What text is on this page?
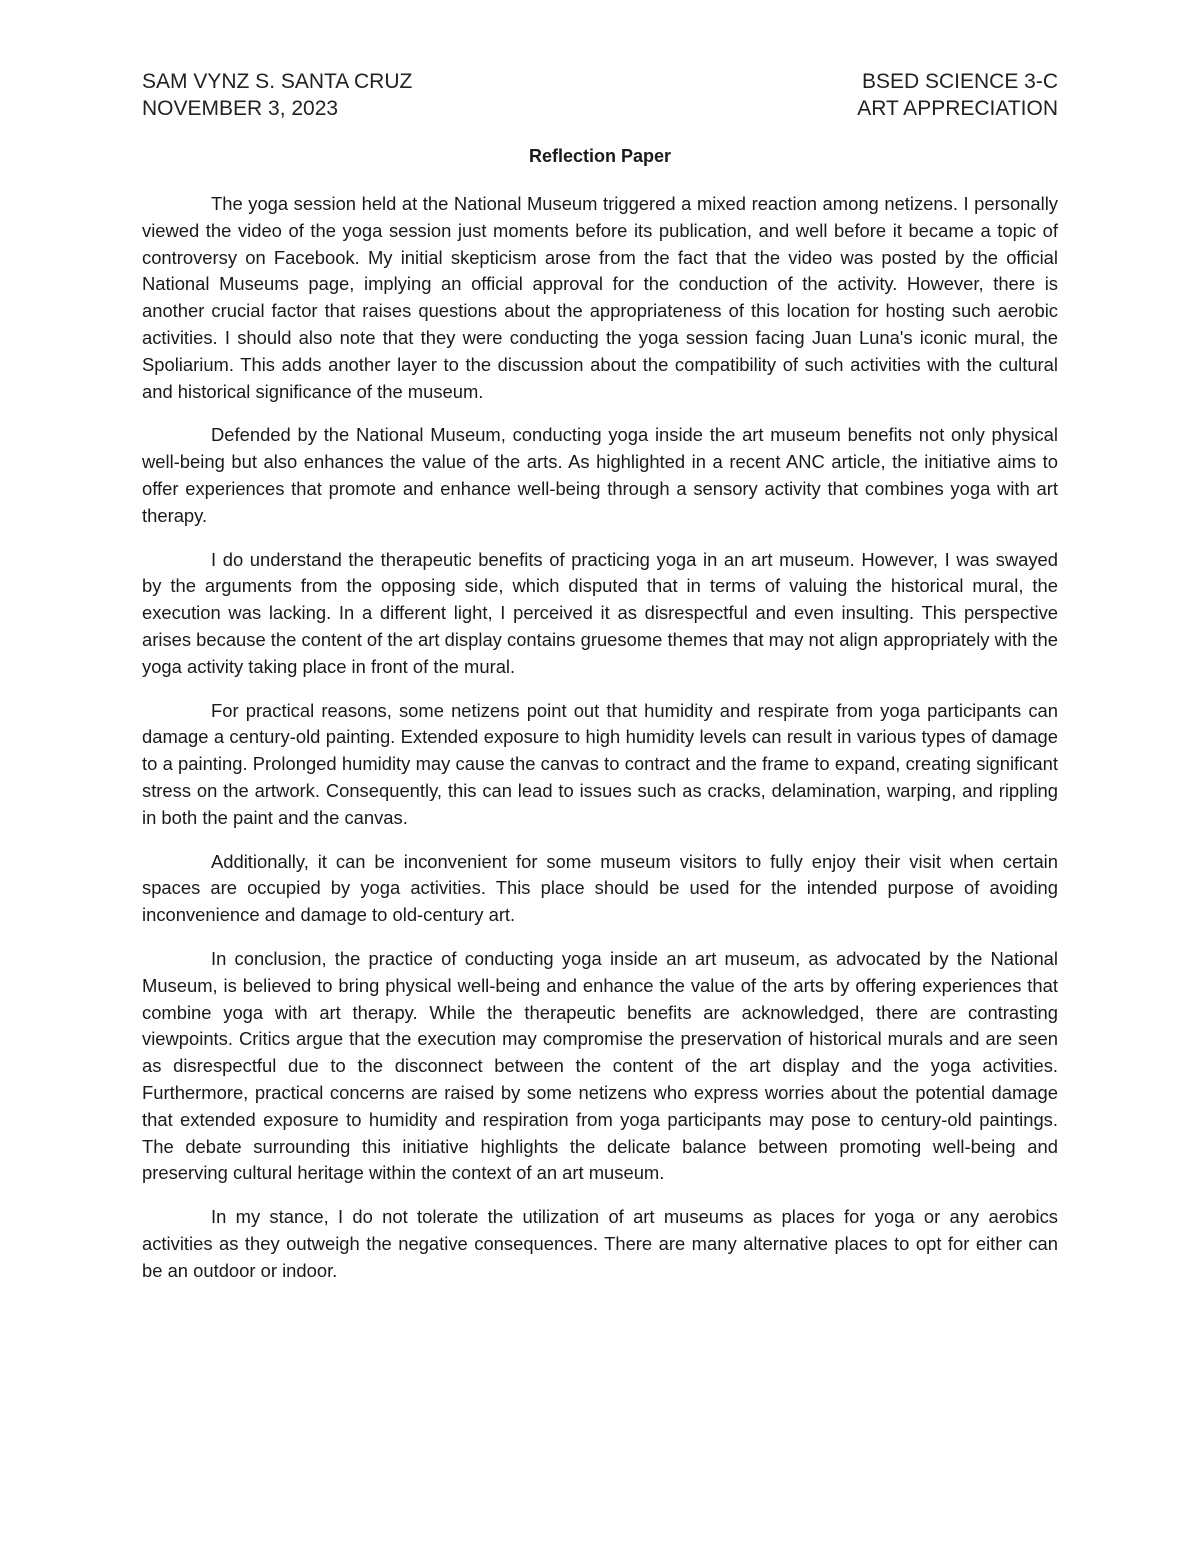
SAM VYNZ S. SANTA CRUZ
NOVEMBER 3, 2023
BSED SCIENCE 3-C
ART APPRECIATION
Reflection Paper

The yoga session held at the National Museum triggered a mixed reaction among netizens. I personally viewed the video of the yoga session just moments before its publication, and well before it became a topic of controversy on Facebook. My initial skepticism arose from the fact that the video was posted by the official National Museums page, implying an official approval for the conduction of the activity. However, there is another crucial factor that raises questions about the appropriateness of this location for hosting such aerobic activities. I should also note that they were conducting the yoga session facing Juan Luna's iconic mural, the Spoliarium. This adds another layer to the discussion about the compatibility of such activities with the cultural and historical significance of the museum.

Defended by the National Museum, conducting yoga inside the art museum benefits not only physical well-being but also enhances the value of the arts. As highlighted in a recent ANC article, the initiative aims to offer experiences that promote and enhance well-being through a sensory activity that combines yoga with art therapy.

I do understand the therapeutic benefits of practicing yoga in an art museum. However, I was swayed by the arguments from the opposing side, which disputed that in terms of valuing the historical mural, the execution was lacking. In a different light, I perceived it as disrespectful and even insulting. This perspective arises because the content of the art display contains gruesome themes that may not align appropriately with the yoga activity taking place in front of the mural.

For practical reasons, some netizens point out that humidity and respirate from yoga participants can damage a century-old painting. Extended exposure to high humidity levels can result in various types of damage to a painting. Prolonged humidity may cause the canvas to contract and the frame to expand, creating significant stress on the artwork. Consequently, this can lead to issues such as cracks, delamination, warping, and rippling in both the paint and the canvas.

Additionally, it can be inconvenient for some museum visitors to fully enjoy their visit when certain spaces are occupied by yoga activities. This place should be used for the intended purpose of avoiding inconvenience and damage to old-century art.

In conclusion, the practice of conducting yoga inside an art museum, as advocated by the National Museum, is believed to bring physical well-being and enhance the value of the arts by offering experiences that combine yoga with art therapy. While the therapeutic benefits are acknowledged, there are contrasting viewpoints. Critics argue that the execution may compromise the preservation of historical murals and are seen as disrespectful due to the disconnect between the content of the art display and the yoga activities. Furthermore, practical concerns are raised by some netizens who express worries about the potential damage that extended exposure to humidity and respiration from yoga participants may pose to century-old paintings. The debate surrounding this initiative highlights the delicate balance between promoting well-being and preserving cultural heritage within the context of an art museum.

In my stance, I do not tolerate the utilization of art museums as places for yoga or any aerobics activities as they outweigh the negative consequences. There are many alternative places to opt for either can be an outdoor or indoor.
